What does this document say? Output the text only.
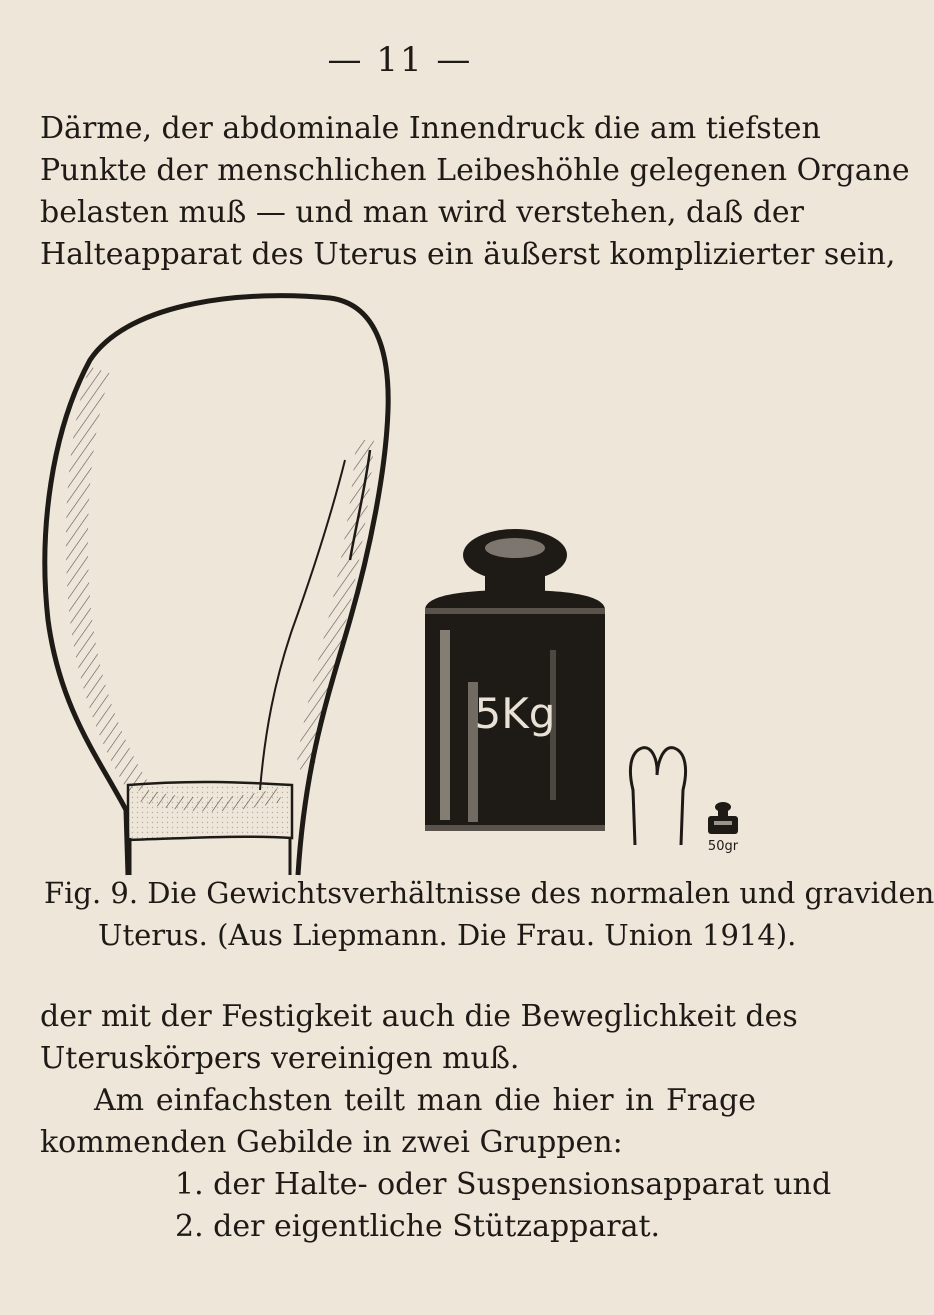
— 11 —

Därme, der abdominale Innendruck die am tiefsten
Punkte der menschlichen Leibeshöhle gelegenen Organe
belasten muß — und man wird verstehen, daß der
Halteapparat des Uterus ein äußerst komplizierter sein,

5Kg
50gr

Fig. 9. Die Gewichtsverhältnisse des normalen und graviden
Uterus. (Aus Liepmann. Die Frau. Union 1914).

der mit der Festigkeit auch die Beweglichkeit des
Uteruskörpers vereinigen muß.
Am einfachsten teilt man die hier in Frage
kommenden Gebilde in zwei Gruppen:
1. der Halte- oder Suspensionsapparat und
2. der eigentliche Stützapparat.
